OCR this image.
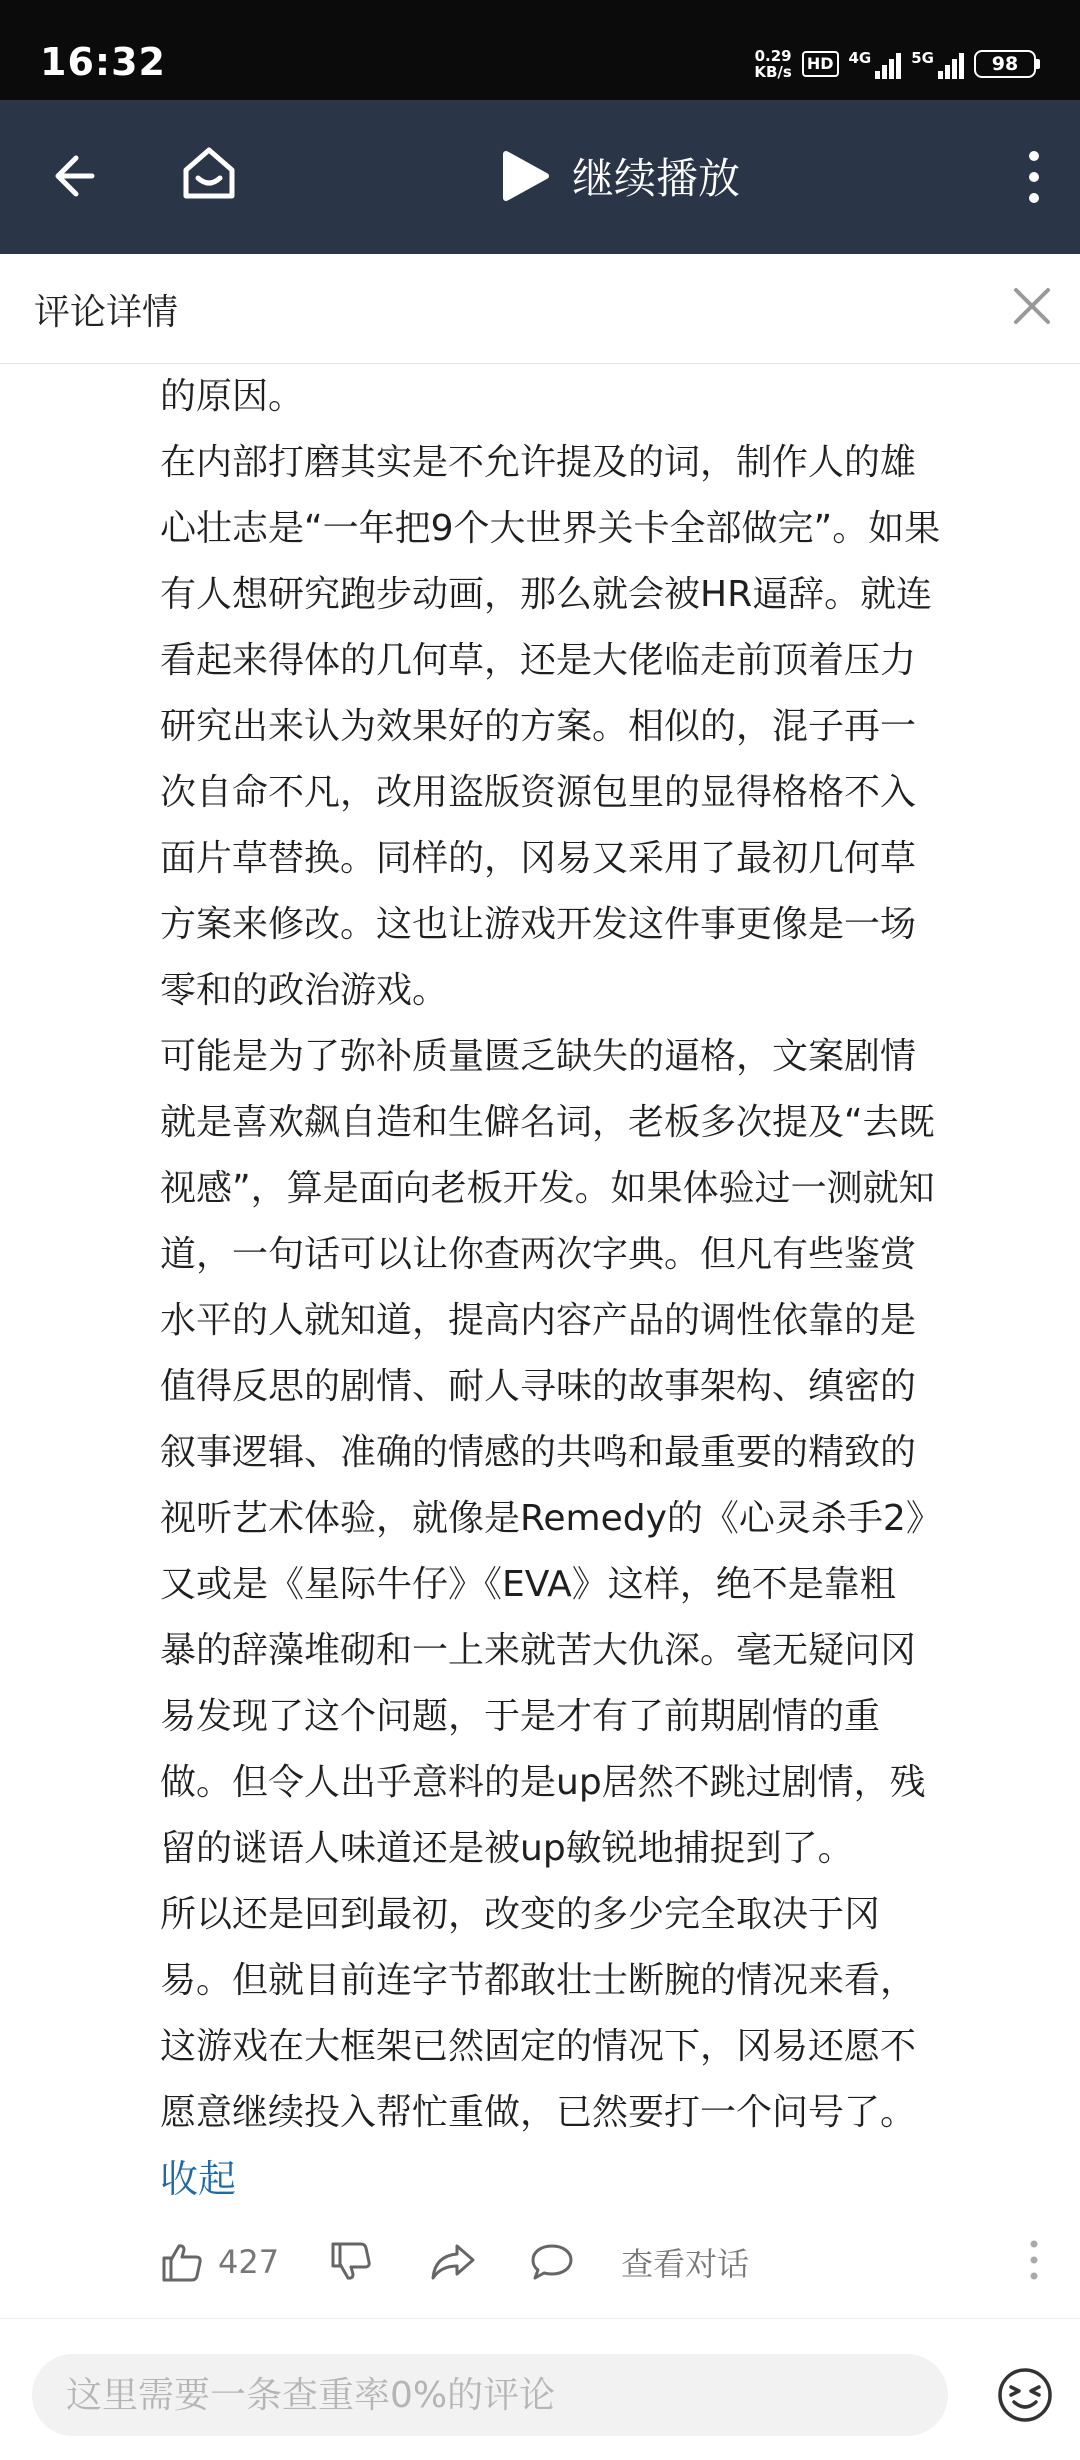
16:32	0.29
KB/s HD	4G	5G	98
继续播放
评论详情
的原因。
在内部打磨其实是不允许提及的词，制作人的雄
心壮志是“一年把9个大世界关卡全部做完”。如果
有人想研究跑步动画，那么就会被HR逼辞。就连
看起来得体的几何草，还是大佬临走前顶着压力
研究出来认为效果好的方案。相似的，混子再一
次自命不凡，改用盗版资源包里的显得格格不入
面片草替换。同样的，冈易又采用了最初几何草
方案来修改。这也让游戏开发这件事更像是一场
零和的政治游戏。
可能是为了弥补质量匮乏缺失的逼格，文案剧情
就是喜欢飙自造和生僻名词，老板多次提及“去既
视感”，算是面向老板开发。如果体验过一测就知
道，一句话可以让你查两次字典。但凡有些鉴赏
水平的人就知道，提高内容产品的调性依靠的是
值得反思的剧情、耐人寻味的故事架构、缜密的
叙事逻辑、准确的情感的共鸣和最重要的精致的
视听艺术体验，就像是Remedy的《心灵杀手2》
又或是《星际牛仔》《EVA》这样，绝不是靠粗
暴的辞藻堆砌和一上来就苦大仇深。毫无疑问冈
易发现了这个问题，于是才有了前期剧情的重
做。但令人出乎意料的是up居然不跳过剧情，残
留的谜语人味道还是被up敏锐地捕捉到了。
所以还是回到最初，改变的多少完全取决于冈
易。但就目前连字节都敢壮士断腕的情况来看，
这游戏在大框架已然固定的情况下，冈易还愿不
愿意继续投入帮忙重做，已然要打一个问号了。
收起
427	查看对话
这里需要一条查重率0%的评论
